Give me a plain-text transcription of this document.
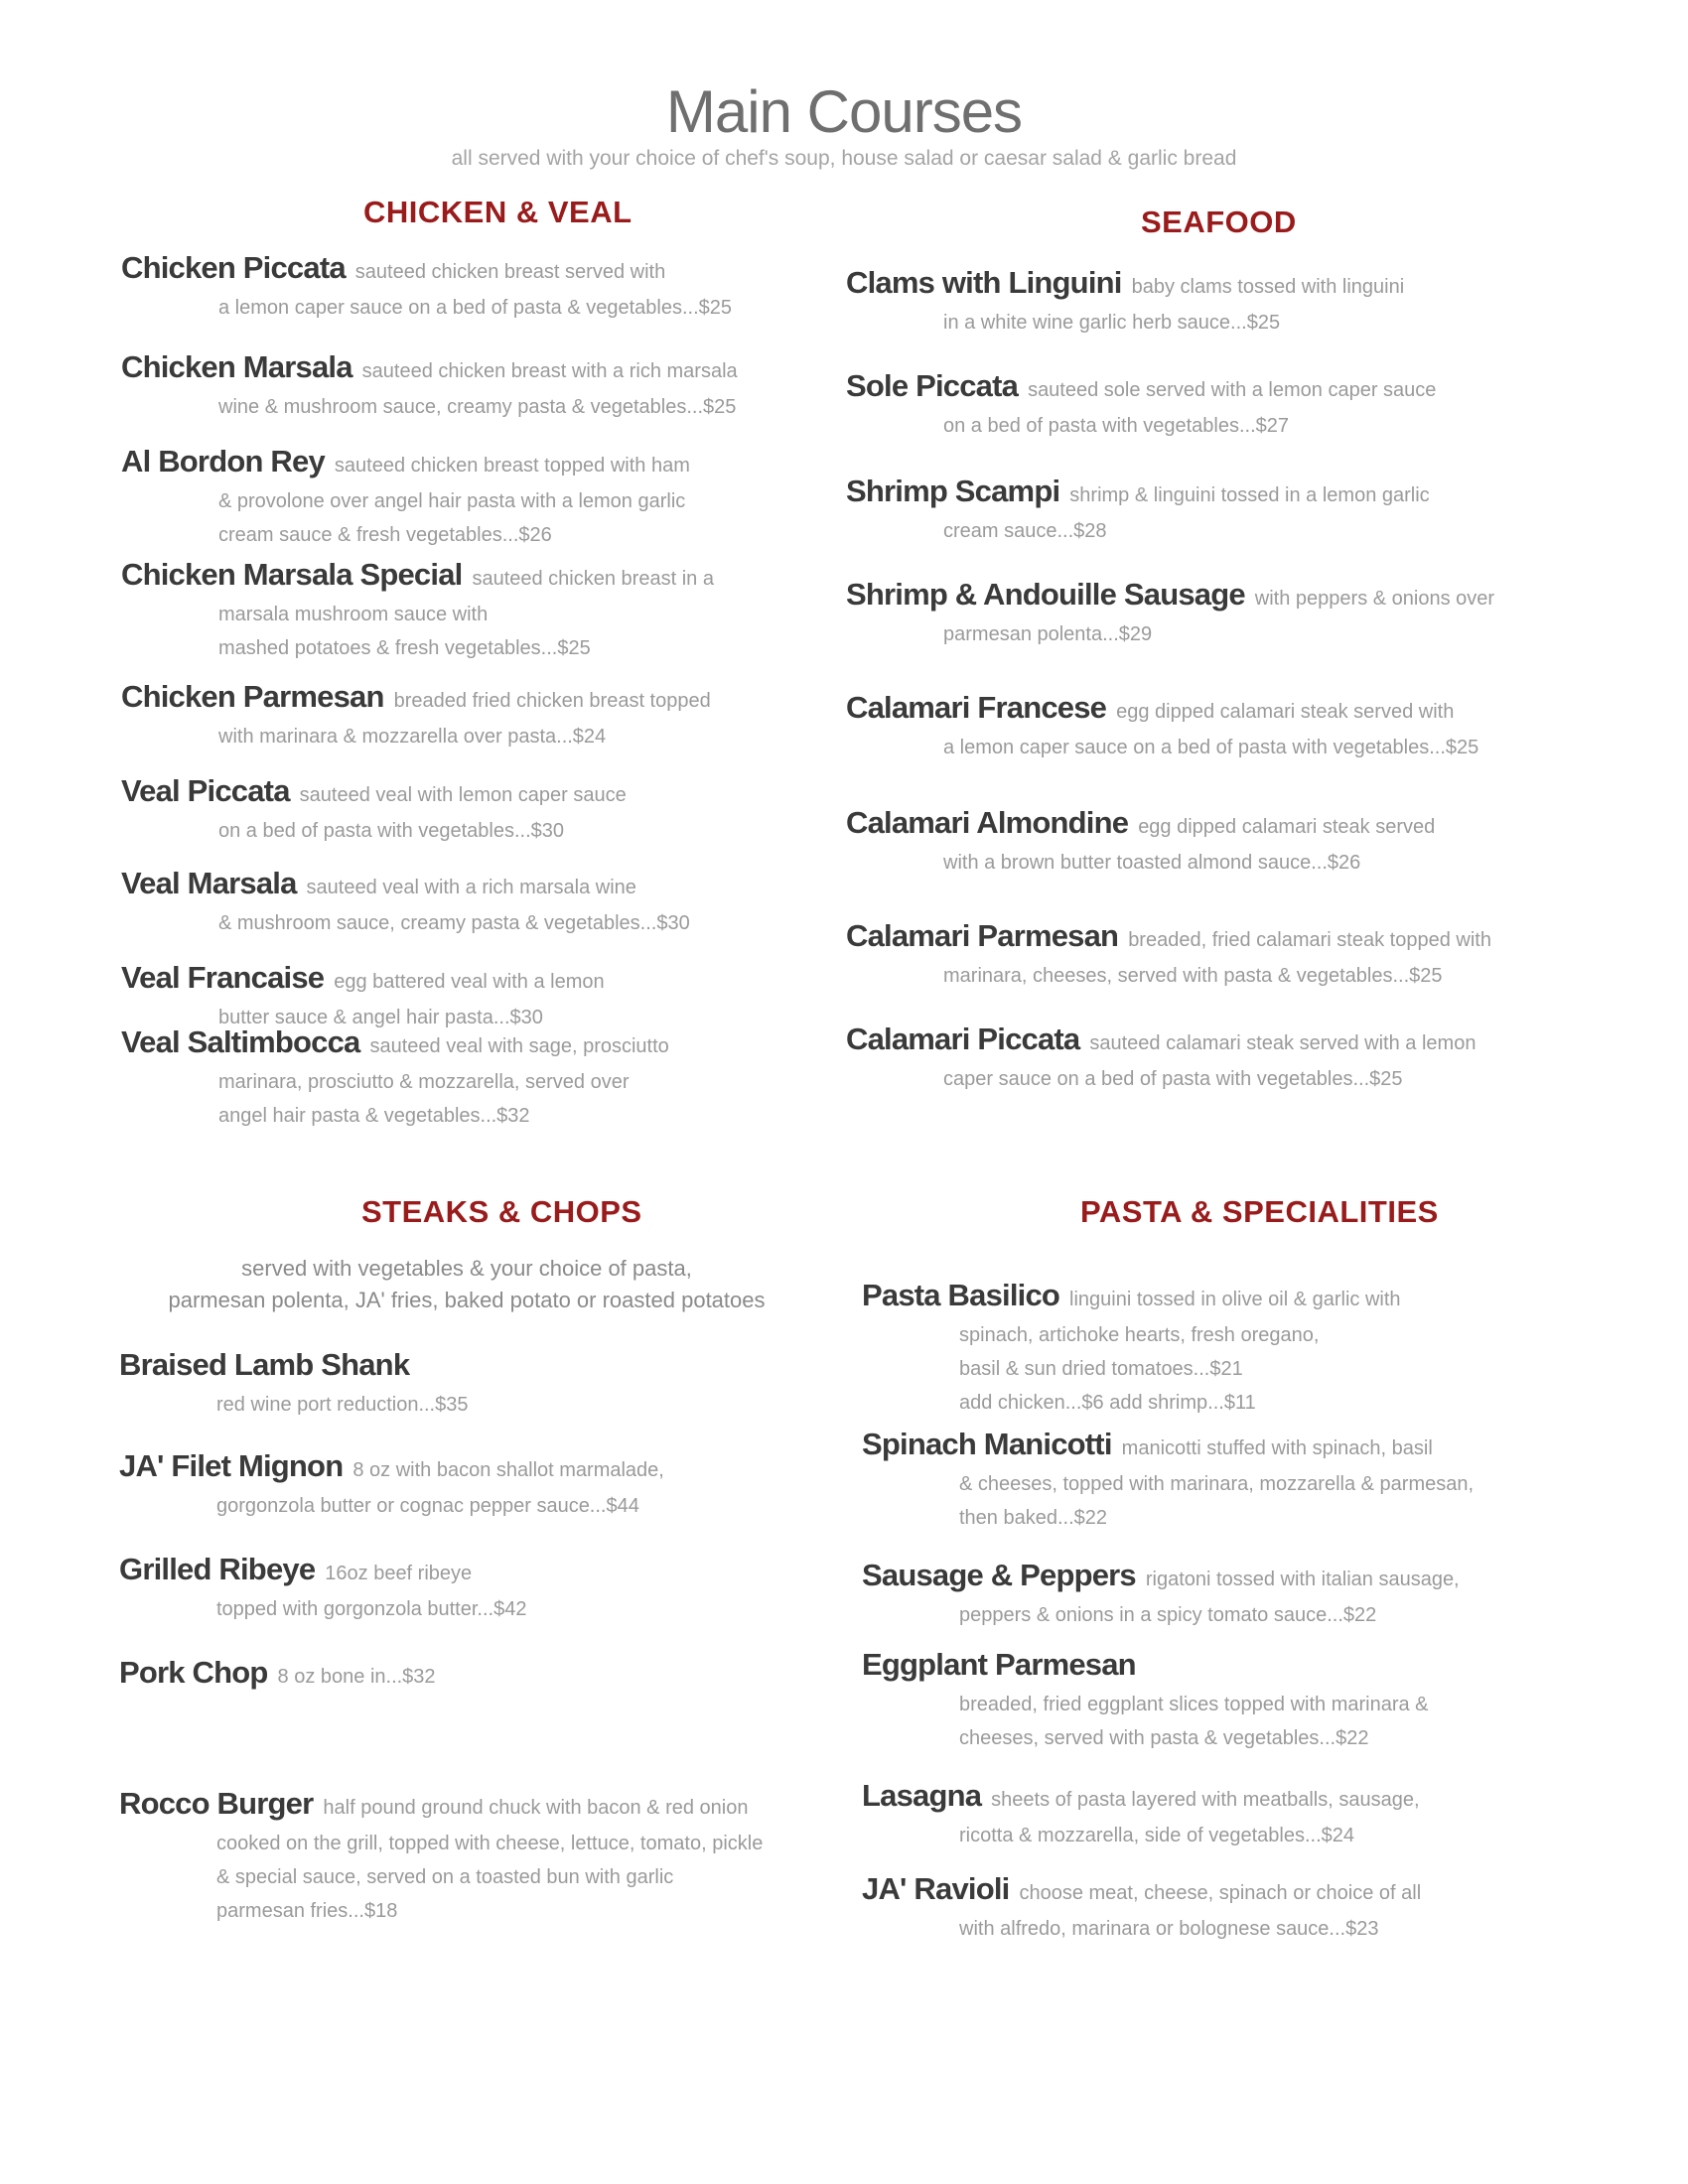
Main Courses

all served with your choice of chef's soup, house salad or caesar salad & garlic bread

CHICKEN & VEAL
Chicken Piccata sauteed chicken breast served with
a lemon caper sauce on a bed of pasta & vegetables...$25
Chicken Marsala sauteed chicken breast with a rich marsala
wine & mushroom sauce, creamy pasta & vegetables...$25
Al Bordon Rey sauteed chicken breast topped with ham
& provolone over angel hair pasta with a lemon garlic
cream sauce & fresh vegetables...$26
Chicken Marsala Special sauteed chicken breast in a
marsala mushroom sauce with
mashed potatoes & fresh vegetables...$25
Chicken Parmesan breaded fried chicken breast topped
with marinara & mozzarella over pasta...$24
Veal Piccata sauteed veal with lemon caper sauce
on a bed of pasta with vegetables...$30
Veal Marsala sauteed veal with a rich marsala wine
& mushroom sauce, creamy pasta & vegetables...$30
Veal Francaise egg battered veal with a lemon
butter sauce & angel hair pasta...$30
Veal Saltimbocca sauteed veal with sage, prosciutto
marinara, prosciutto & mozzarella, served over
angel hair pasta & vegetables...$32
SEAFOOD
Clams with Linguini baby clams tossed with linguini
in a white wine garlic herb sauce...$25
Sole Piccata sauteed sole served with a lemon caper sauce
on a bed of pasta with vegetables...$27
Shrimp Scampi shrimp & linguini tossed in a lemon garlic
cream sauce...$28
Shrimp & Andouille Sausage with peppers & onions over
parmesan polenta...$29
Calamari Francese egg dipped calamari steak served with
a lemon caper sauce on a bed of pasta with vegetables...$25
Calamari Almondine egg dipped calamari steak served
with a brown butter toasted almond sauce...$26
Calamari Parmesan breaded, fried calamari steak topped with
marinara, cheeses, served with pasta & vegetables...$25
Calamari Piccata sauteed calamari steak served with a lemon
caper sauce on a bed of pasta with vegetables...$25
STEAKS & CHOPS
served with vegetables & your choice of pasta,
parmesan polenta, JA' fries, baked potato or roasted potatoes
Braised Lamb Shank
red wine port reduction...$35
JA' Filet Mignon 8 oz with bacon shallot marmalade,
gorgonzola butter or cognac pepper sauce...$44
Grilled Ribeye 16oz beef ribeye
topped with gorgonzola butter...$42
Pork Chop 8 oz bone in...$32
Rocco Burger half pound ground chuck with bacon & red onion
cooked on the grill, topped with cheese, lettuce, tomato, pickle
& special sauce, served on a toasted bun with garlic
parmesan fries...$18
PASTA & SPECIALITIES
Pasta Basilico linguini tossed in olive oil & garlic with
spinach, artichoke hearts, fresh oregano,
basil & sun dried tomatoes...$21
add chicken...$6 add shrimp...$11
Spinach Manicotti manicotti stuffed with spinach, basil
& cheeses, topped with marinara, mozzarella & parmesan,
then baked...$22
Sausage & Peppers rigatoni tossed with italian sausage,
peppers & onions in a spicy tomato sauce...$22
Eggplant Parmesan
breaded, fried eggplant slices topped with marinara &
cheeses, served with pasta & vegetables...$22
Lasagna sheets of pasta layered with meatballs, sausage,
ricotta & mozzarella, side of vegetables...$24
JA' Ravioli choose meat, cheese, spinach or choice of all
with alfredo, marinara or bolognese sauce...$23
